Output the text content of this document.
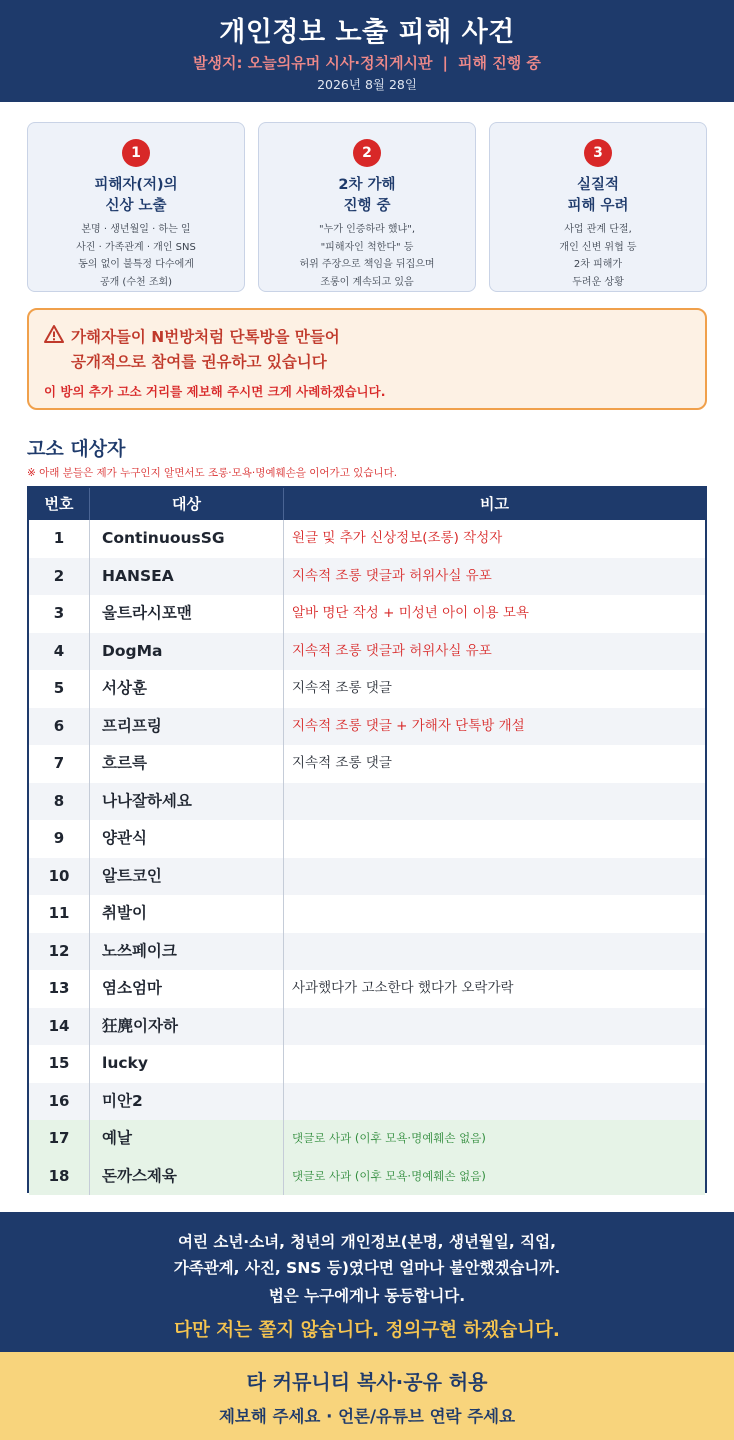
개인정보 노출 피해 사건
발생지: 오늘의유머 시사·정치게시판 | 피해 진행 중
2026년 8월 28일
1
피해자(저)의
신상 노출
본명 · 생년월일 · 하는 일
사진 · 가족관계 · 개인 SNS
동의 없이 불특정 다수에게
공개 (수천 조회)
2
2차 가해
진행 중
"누가 인증하라 했냐",
"피해자인 척한다" 등
허위 주장으로 책임을 뒤집으며
조롱이 계속되고 있음
3
실질적
피해 우려
사업 관계 단절,
개인 신변 위협 등
2차 피해가
두려운 상황
가해자들이 N번방처럼 단톡방을 만들어
공개적으로 참여를 권유하고 있습니다
이 방의 추가 고소 거리를 제보해 주시면 크게 사례하겠습니다.
고소 대상자
※ 아래 분들은 제가 누구인지 알면서도 조롱·모욕·명예훼손을 이어가고 있습니다.
번호	대상	비고
1	ContinuousSG	원글 및 추가 신상정보(조롱) 작성자
2	HANSEA	지속적 조롱 댓글과 허위사실 유포
3	울트라시포맨	알바 명단 작성 + 미성년 아이 이용 모욕
4	DogMa	지속적 조롱 댓글과 허위사실 유포
5	서상훈	지속적 조롱 댓글
6	프리프링	지속적 조롱 댓글 + 가해자 단톡방 개설
7	흐르륵	지속적 조롱 댓글
8	나나잘하세요
9	양관식
10	알트코인
11	취발이
12	노쓰페이크
13	염소엄마	사과했다가 고소한다 했다가 오락가락
14	狂麂이자하
15	lucky
16	미안2
17	예날	댓글로 사과 (이후 모욕·명예훼손 없음)
18	돈까스제육	댓글로 사과 (이후 모욕·명예훼손 없음)
여린 소년·소녀, 청년의 개인정보(본명, 생년월일, 직업,
가족관계, 사진, SNS 등)였다면 얼마나 불안했겠습니까.
법은 누구에게나 동등합니다.
다만 저는 쫄지 않습니다. 정의구현 하겠습니다.
타 커뮤니티 복사·공유 허용
제보해 주세요 · 언론/유튜브 연락 주세요
